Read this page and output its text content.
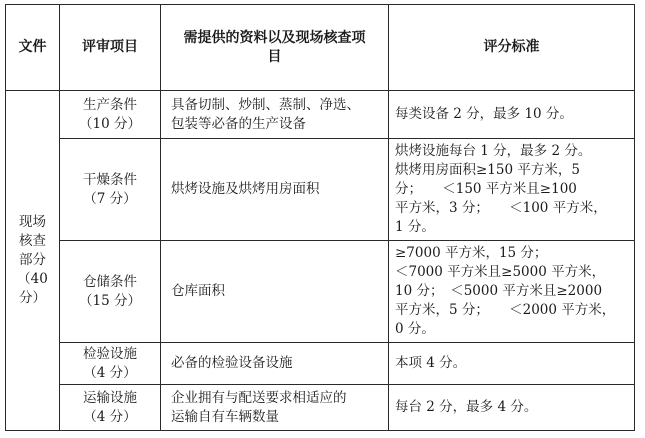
文件	评审项目	需提供的资料以及现场核查项目	评分标准

现场
核查
部分
（40
分）	生产条件
（10 分）	具备切制、炒制、蒸制、净选、
包装等必备的生产设备	每类设备 2 分，最多 10 分。

	干燥条件
（7 分）	烘烤设施及烘烤用房面积	烘烤设施每台 1 分，最多 2 分。
烘烤用房面积≥150 平方米，5
分；　　＜150 平方米且≥100
平方米，3 分；　　＜100 平方米，
1 分。

	仓储条件
（15 分）	仓库面积	≥7000 平方米，15 分；
＜7000 平方米且≥5000 平方米，
10 分；　＜5000 平方米且≥2000
平方米，5 分；　　＜2000 平方米，
0 分。

	检验设施
（4 分）	必备的检验设备设施	本项 4 分。

	运输设施
（4 分）	企业拥有与配送要求相适应的
运输自有车辆数量	每台 2 分，最多 4 分。
